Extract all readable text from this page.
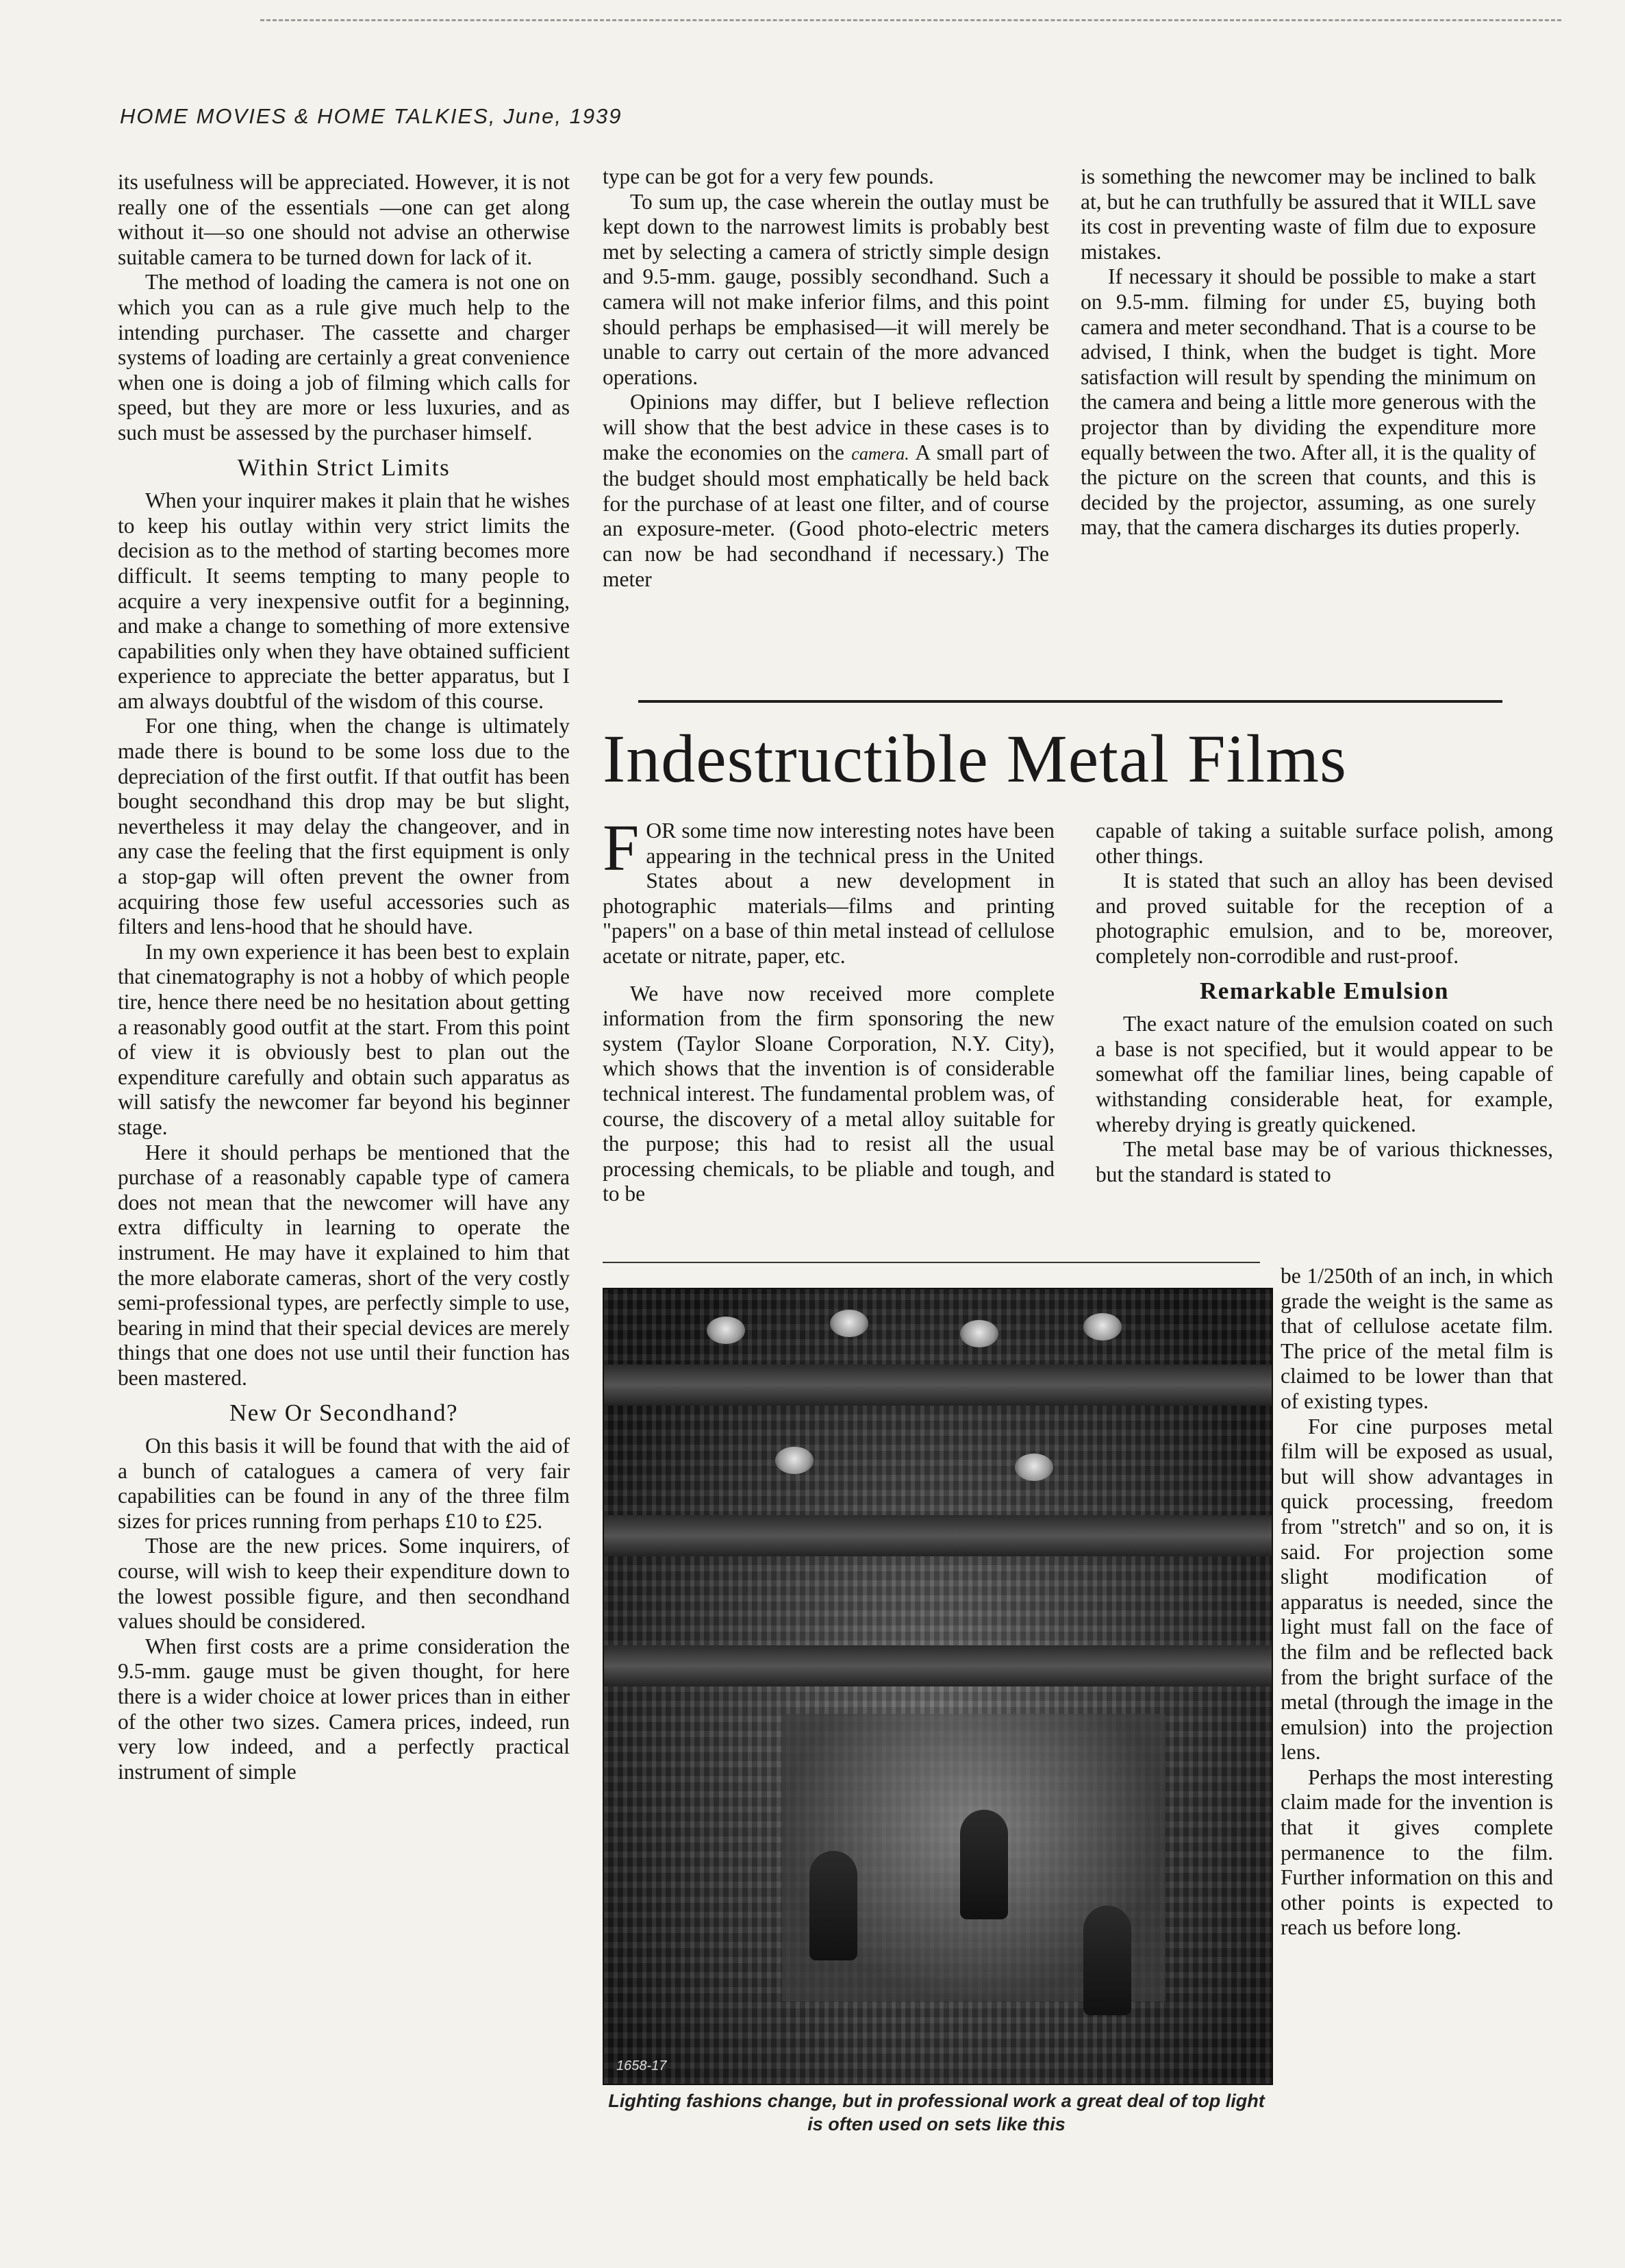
HOME MOVIES & HOME TALKIES, June, 1939

its usefulness will be appreciated. However, it is not really one of the essentials —one can get along without it—so one should not advise an otherwise suitable camera to be turned down for lack of it.

The method of loading the camera is not one on which you can as a rule give much help to the intending purchaser. The cassette and charger systems of loading are certainly a great convenience when one is doing a job of filming which calls for speed, but they are more or less luxuries, and as such must be assessed by the purchaser himself.

Within Strict Limits

When your inquirer makes it plain that he wishes to keep his outlay within very strict limits the decision as to the method of starting becomes more difficult. It seems tempting to many people to acquire a very inexpensive outfit for a beginning, and make a change to something of more extensive capabilities only when they have obtained sufficient experience to appreciate the better apparatus, but I am always doubtful of the wisdom of this course.

For one thing, when the change is ultimately made there is bound to be some loss due to the depreciation of the first outfit. If that outfit has been bought secondhand this drop may be but slight, nevertheless it may delay the changeover, and in any case the feeling that the first equipment is only a stop-gap will often prevent the owner from acquiring those few useful accessories such as filters and lens-hood that he should have.

In my own experience it has been best to explain that cinematography is not a hobby of which people tire, hence there need be no hesitation about getting a reasonably good outfit at the start. From this point of view it is obviously best to plan out the expenditure carefully and obtain such apparatus as will satisfy the newcomer far beyond his beginner stage.

Here it should perhaps be mentioned that the purchase of a reasonably capable type of camera does not mean that the newcomer will have any extra difficulty in learning to operate the instrument. He may have it explained to him that the more elaborate cameras, short of the very costly semi-professional types, are perfectly simple to use, bearing in mind that their special devices are merely things that one does not use until their function has been mastered.

New Or Secondhand?

On this basis it will be found that with the aid of a bunch of catalogues a camera of very fair capabilities can be found in any of the three film sizes for prices running from perhaps £10 to £25.

Those are the new prices. Some inquirers, of course, will wish to keep their expenditure down to the lowest possible figure, and then secondhand values should be considered.

When first costs are a prime consideration the 9.5-mm. gauge must be given thought, for here there is a wider choice at lower prices than in either of the other two sizes. Camera prices, indeed, run very low indeed, and a perfectly practical instrument of simple

type can be got for a very few pounds.

To sum up, the case wherein the outlay must be kept down to the narrowest limits is probably best met by selecting a camera of strictly simple design and 9.5-mm. gauge, possibly secondhand. Such a camera will not make inferior films, and this point should perhaps be emphasised—it will merely be unable to carry out certain of the more advanced operations.

Opinions may differ, but I believe reflection will show that the best advice in these cases is to make the economies on the camera. A small part of the budget should most emphatically be held back for the purchase of at least one filter, and of course an exposure-meter. (Good photo-electric meters can now be had secondhand if necessary.) The meter

is something the newcomer may be inclined to balk at, but he can truthfully be assured that it WILL save its cost in preventing waste of film due to exposure mistakes.

If necessary it should be possible to make a start on 9.5-mm. filming for under £5, buying both camera and meter secondhand. That is a course to be advised, I think, when the budget is tight. More satisfaction will result by spending the minimum on the camera and being a little more generous with the projector than by dividing the expenditure more equally between the two. After all, it is the quality of the picture on the screen that counts, and this is decided by the projector, assuming, as one surely may, that the camera discharges its duties properly.

Indestructible Metal Films

FOR some time now interesting notes have been appearing in the technical press in the United States about a new development in photographic materials—films and printing "papers" on a base of thin metal instead of cellulose acetate or nitrate, paper, etc.

We have now received more complete information from the firm sponsoring the new system (Taylor Sloane Corporation, N.Y. City), which shows that the invention is of considerable technical interest. The fundamental problem was, of course, the discovery of a metal alloy suitable for the purpose; this had to resist all the usual processing chemicals, to be pliable and tough, and to be

capable of taking a suitable surface polish, among other things.

It is stated that such an alloy has been devised and proved suitable for the reception of a photographic emulsion, and to be, moreover, completely non-corrodible and rust-proof.

Remarkable Emulsion

The exact nature of the emulsion coated on such a base is not specified, but it would appear to be somewhat off the familiar lines, being capable of withstanding considerable heat, for example, whereby drying is greatly quickened.

The metal base may be of various thicknesses, but the standard is stated to

1658-17
Lighting fashions change, but in professional work a great deal of top light is often used on sets like this

be 1/250th of an inch, in which grade the weight is the same as that of cellulose acetate film. The price of the metal film is claimed to be lower than that of existing types.

For cine purposes metal film will be exposed as usual, but will show advantages in quick processing, freedom from "stretch" and so on, it is said. For projection some slight modification of apparatus is needed, since the light must fall on the face of the film and be reflected back from the bright surface of the metal (through the image in the emulsion) into the projection lens.

Perhaps the most interesting claim made for the invention is that it gives complete permanence to the film. Further information on this and other points is expected to reach us before long.
